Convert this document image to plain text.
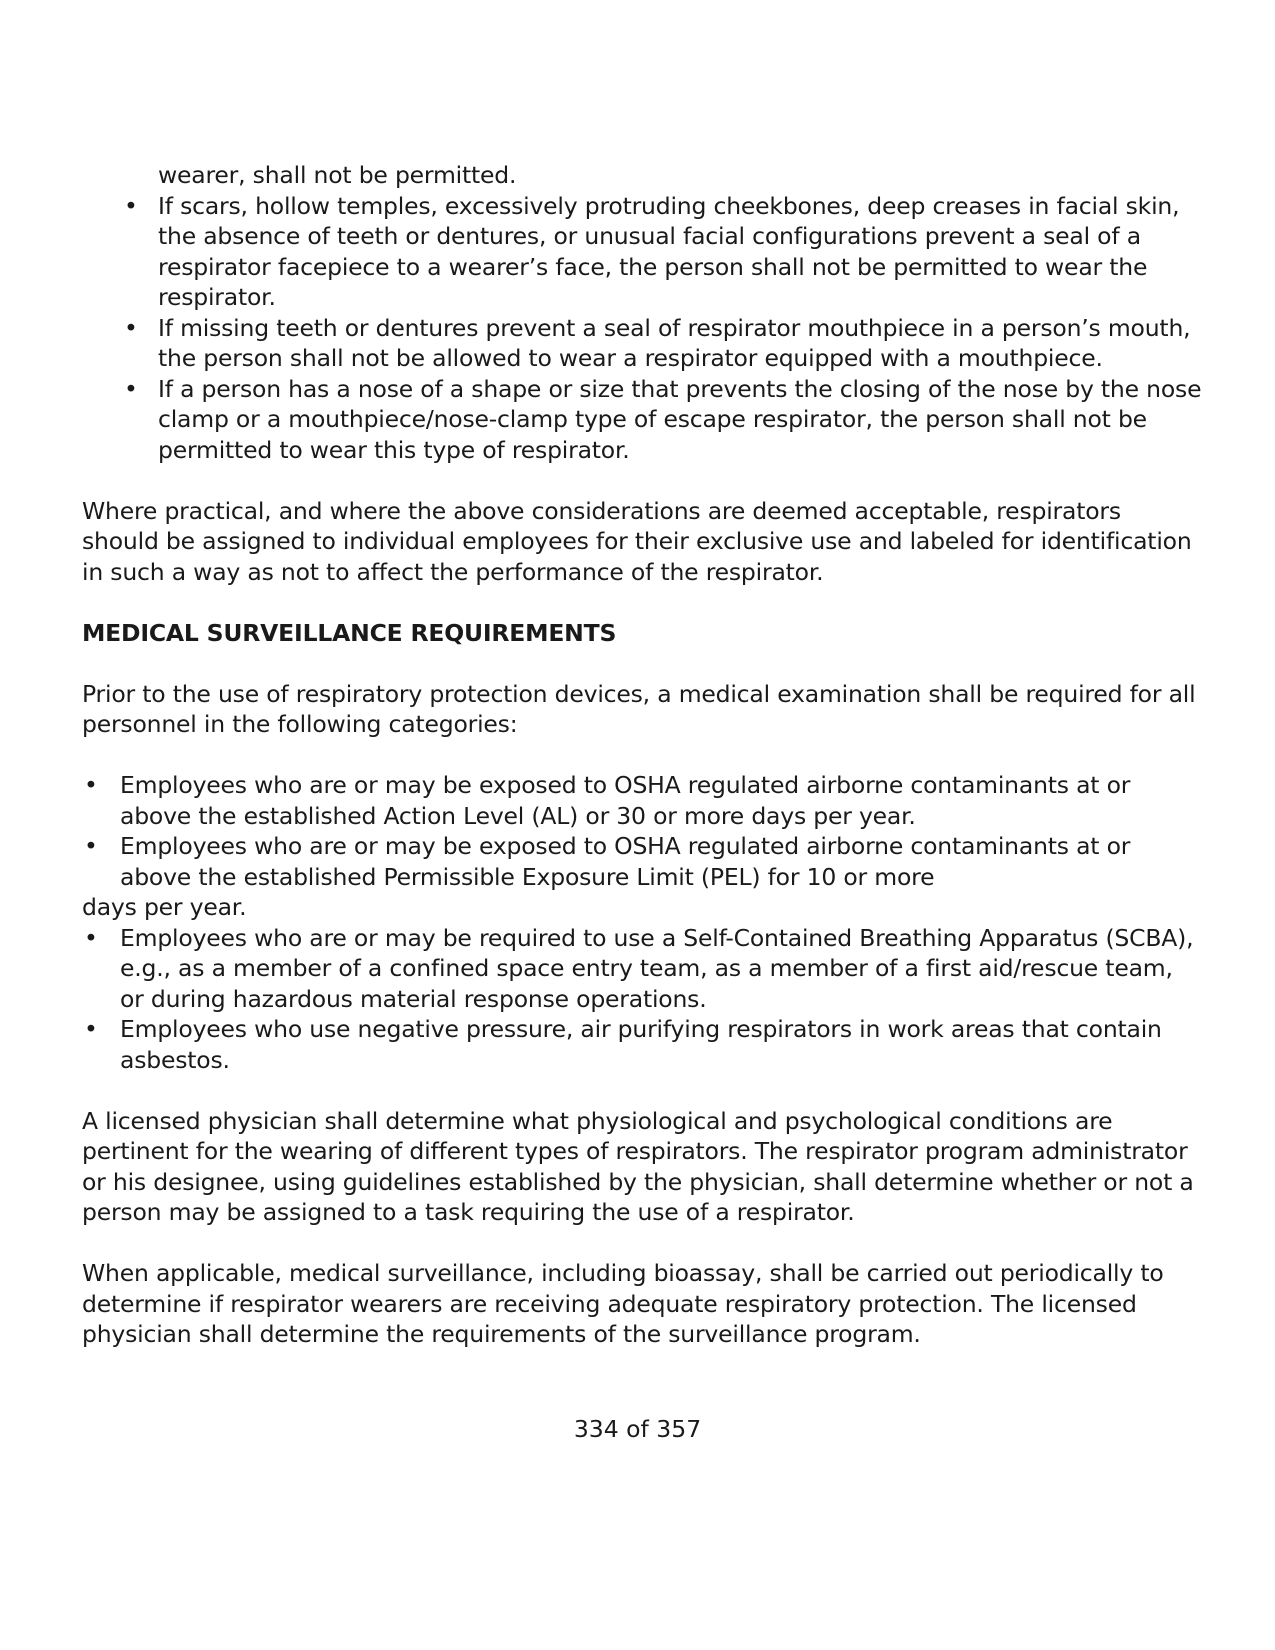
wearer, shall not be permitted.
• If scars, hollow temples, excessively protruding cheekbones, deep creases in facial skin, the absence of teeth or dentures, or unusual facial configurations prevent a seal of a respirator facepiece to a wearer’s face, the person shall not be permitted to wear the respirator.
• If missing teeth or dentures prevent a seal of respirator mouthpiece in a person’s mouth, the person shall not be allowed to wear a respirator equipped with a mouthpiece.
• If a person has a nose of a shape or size that prevents the closing of the nose by the nose clamp or a mouthpiece/nose-clamp type of escape respirator, the person shall not be permitted to wear this type of respirator.

Where practical, and where the above considerations are deemed acceptable, respirators should be assigned to individual employees for their exclusive use and labeled for identification in such a way as not to affect the performance of the respirator.

MEDICAL SURVEILLANCE REQUIREMENTS

Prior to the use of respiratory protection devices, a medical examination shall be required for all personnel in the following categories:

• Employees who are or may be exposed to OSHA regulated airborne contaminants at or above the established Action Level (AL) or 30 or more days per year.
• Employees who are or may be exposed to OSHA regulated airborne contaminants at or above the established Permissible Exposure Limit (PEL) for 10 or more
days per year.
• Employees who are or may be required to use a Self-Contained Breathing Apparatus (SCBA), e.g., as a member of a confined space entry team, as a member of a first aid/rescue team, or during hazardous material response operations.
• Employees who use negative pressure, air purifying respirators in work areas that contain asbestos.

A licensed physician shall determine what physiological and psychological conditions are pertinent for the wearing of different types of respirators. The respirator program administrator or his designee, using guidelines established by the physician, shall determine whether or not a person may be assigned to a task requiring the use of a respirator.

When applicable, medical surveillance, including bioassay, shall be carried out periodically to determine if respirator wearers are receiving adequate respiratory protection. The licensed physician shall determine the requirements of the surveillance program.

334 of 357
